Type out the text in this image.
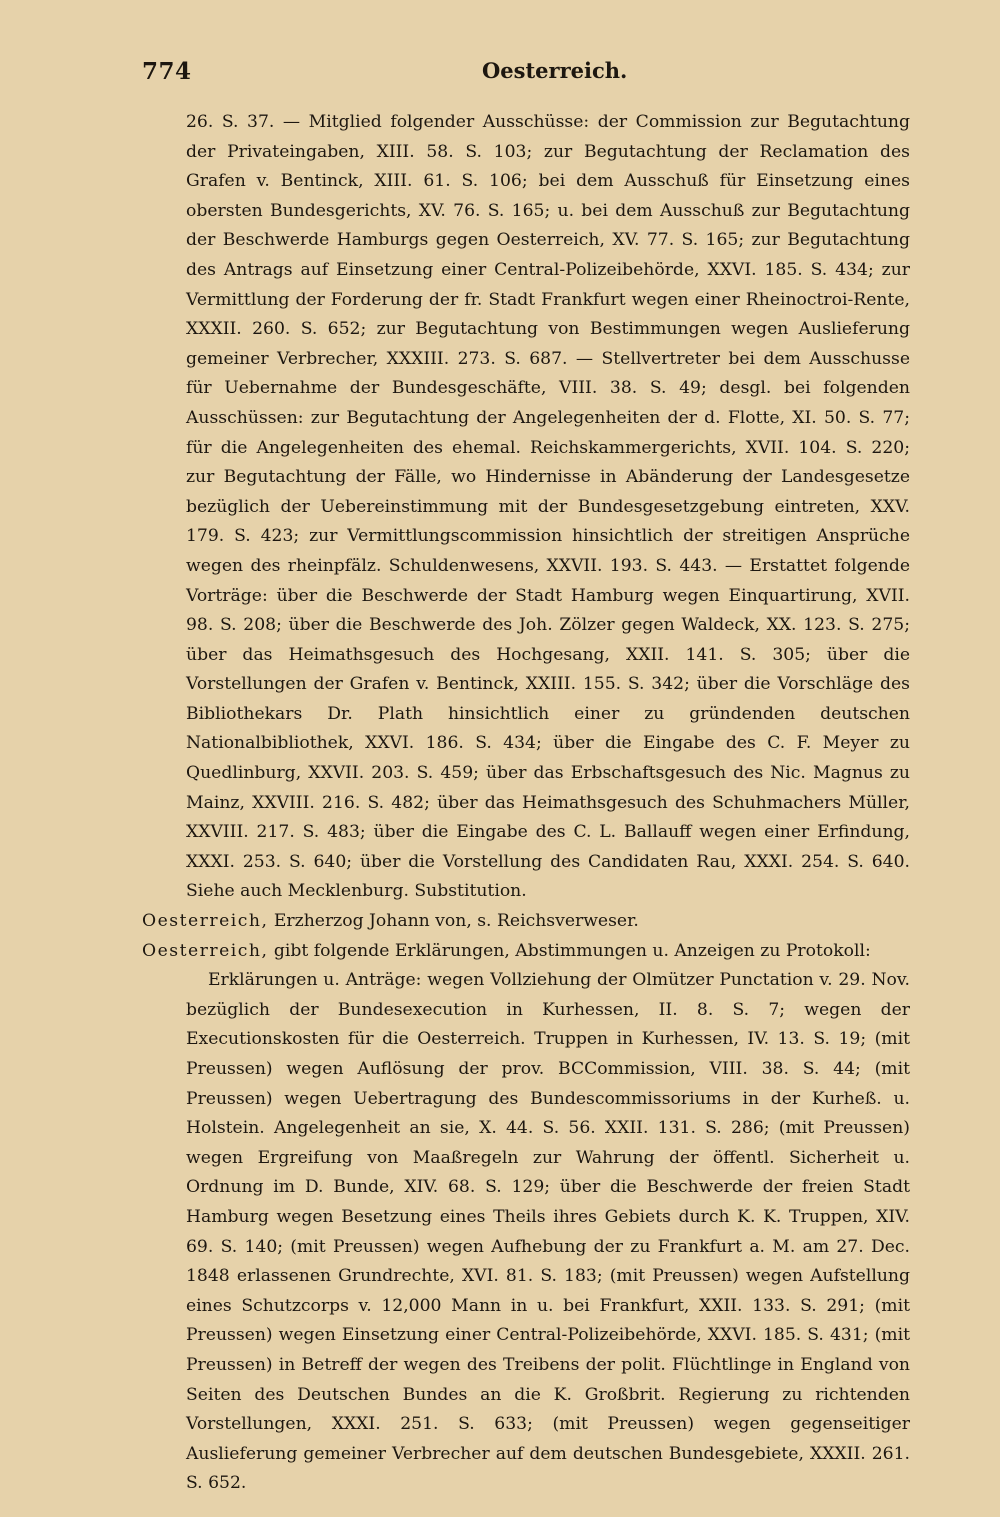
774	Oesterreich.

26. S. 37. — Mitglied folgender Ausschüsse: der Commission zur Begutachtung der Privateingaben, XIII. 58. S. 103; zur Begutachtung der Reclamation des Grafen v. Bentinck, XIII. 61. S. 106; bei dem Ausschuß für Einsetzung eines obersten Bundesgerichts, XV. 76. S. 165; u. bei dem Ausschuß zur Begutachtung der Beschwerde Hamburgs gegen Oesterreich, XV. 77. S. 165; zur Begutachtung des Antrags auf Einsetzung einer Central-Polizeibehörde, XXVI. 185. S. 434; zur Vermittlung der Forderung der fr. Stadt Frankfurt wegen einer Rheinoctroi-Rente, XXXII. 260. S. 652; zur Begutachtung von Bestimmungen wegen Auslieferung gemeiner Verbrecher, XXXIII. 273. S. 687. — Stellvertreter bei dem Ausschusse für Uebernahme der Bundesgeschäfte, VIII. 38. S. 49; desgl. bei folgenden Ausschüssen: zur Begutachtung der Angelegenheiten der d. Flotte, XI. 50. S. 77; für die Angelegenheiten des ehemal. Reichskammergerichts, XVII. 104. S. 220; zur Begutachtung der Fälle, wo Hindernisse in Abänderung der Landesgesetze bezüglich der Uebereinstimmung mit der Bundesgesetzgebung eintreten, XXV. 179. S. 423; zur Vermittlungscommission hinsichtlich der streitigen Ansprüche wegen des rheinpfälz. Schuldenwesens, XXVII. 193. S. 443. — Erstattet folgende Vorträge: über die Beschwerde der Stadt Hamburg wegen Einquartirung, XVII. 98. S. 208; über die Beschwerde des Joh. Zölzer gegen Waldeck, XX. 123. S. 275; über das Heimathsgesuch des Hochgesang, XXII. 141. S. 305; über die Vorstellungen der Grafen v. Bentinck, XXIII. 155. S. 342; über die Vorschläge des Bibliothekars Dr. Plath hinsichtlich einer zu gründenden deutschen Nationalbibliothek, XXVI. 186. S. 434; über die Eingabe des C. F. Meyer zu Quedlinburg, XXVII. 203. S. 459; über das Erbschaftsgesuch des Nic. Magnus zu Mainz, XXVIII. 216. S. 482; über das Heimathsgesuch des Schuhmachers Müller, XXVIII. 217. S. 483; über die Eingabe des C. L. Ballauff wegen einer Erfindung, XXXI. 253. S. 640; über die Vorstellung des Candidaten Rau, XXXI. 254. S. 640. Siehe auch Mecklenburg. Substitution.

Oesterreich, Erzherzog Johann von, s. Reichsverweser.

Oesterreich, gibt folgende Erklärungen, Abstimmungen u. Anzeigen zu Protokoll:

Erklärungen u. Anträge: wegen Vollziehung der Olmützer Punctation v. 29. Nov. bezüglich der Bundesexecution in Kurhessen, II. 8. S. 7; wegen der Executionskosten für die Oesterreich. Truppen in Kurhessen, IV. 13. S. 19; (mit Preussen) wegen Auflösung der prov. BCCommission, VIII. 38. S. 44; (mit Preussen) wegen Uebertragung des Bundescommissoriums in der Kurheß. u. Holstein. Angelegenheit an sie, X. 44. S. 56. XXII. 131. S. 286; (mit Preussen) wegen Ergreifung von Maaßregeln zur Wahrung der öffentl. Sicherheit u. Ordnung im D. Bunde, XIV. 68. S. 129; über die Beschwerde der freien Stadt Hamburg wegen Besetzung eines Theils ihres Gebiets durch K. K. Truppen, XIV. 69. S. 140; (mit Preussen) wegen Aufhebung der zu Frankfurt a. M. am 27. Dec. 1848 erlassenen Grundrechte, XVI. 81. S. 183; (mit Preussen) wegen Aufstellung eines Schutzcorps v. 12,000 Mann in u. bei Frankfurt, XXII. 133. S. 291; (mit Preussen) wegen Einsetzung einer Central-Polizeibehörde, XXVI. 185. S. 431; (mit Preussen) in Betreff der wegen des Treibens der polit. Flüchtlinge in England von Seiten des Deutschen Bundes an die K. Großbrit. Regierung zu richtenden Vorstellungen, XXXI. 251. S. 633; (mit Preussen) wegen gegenseitiger Auslieferung gemeiner Verbrecher auf dem deutschen Bundesgebiete, XXXII. 261. S. 652.
